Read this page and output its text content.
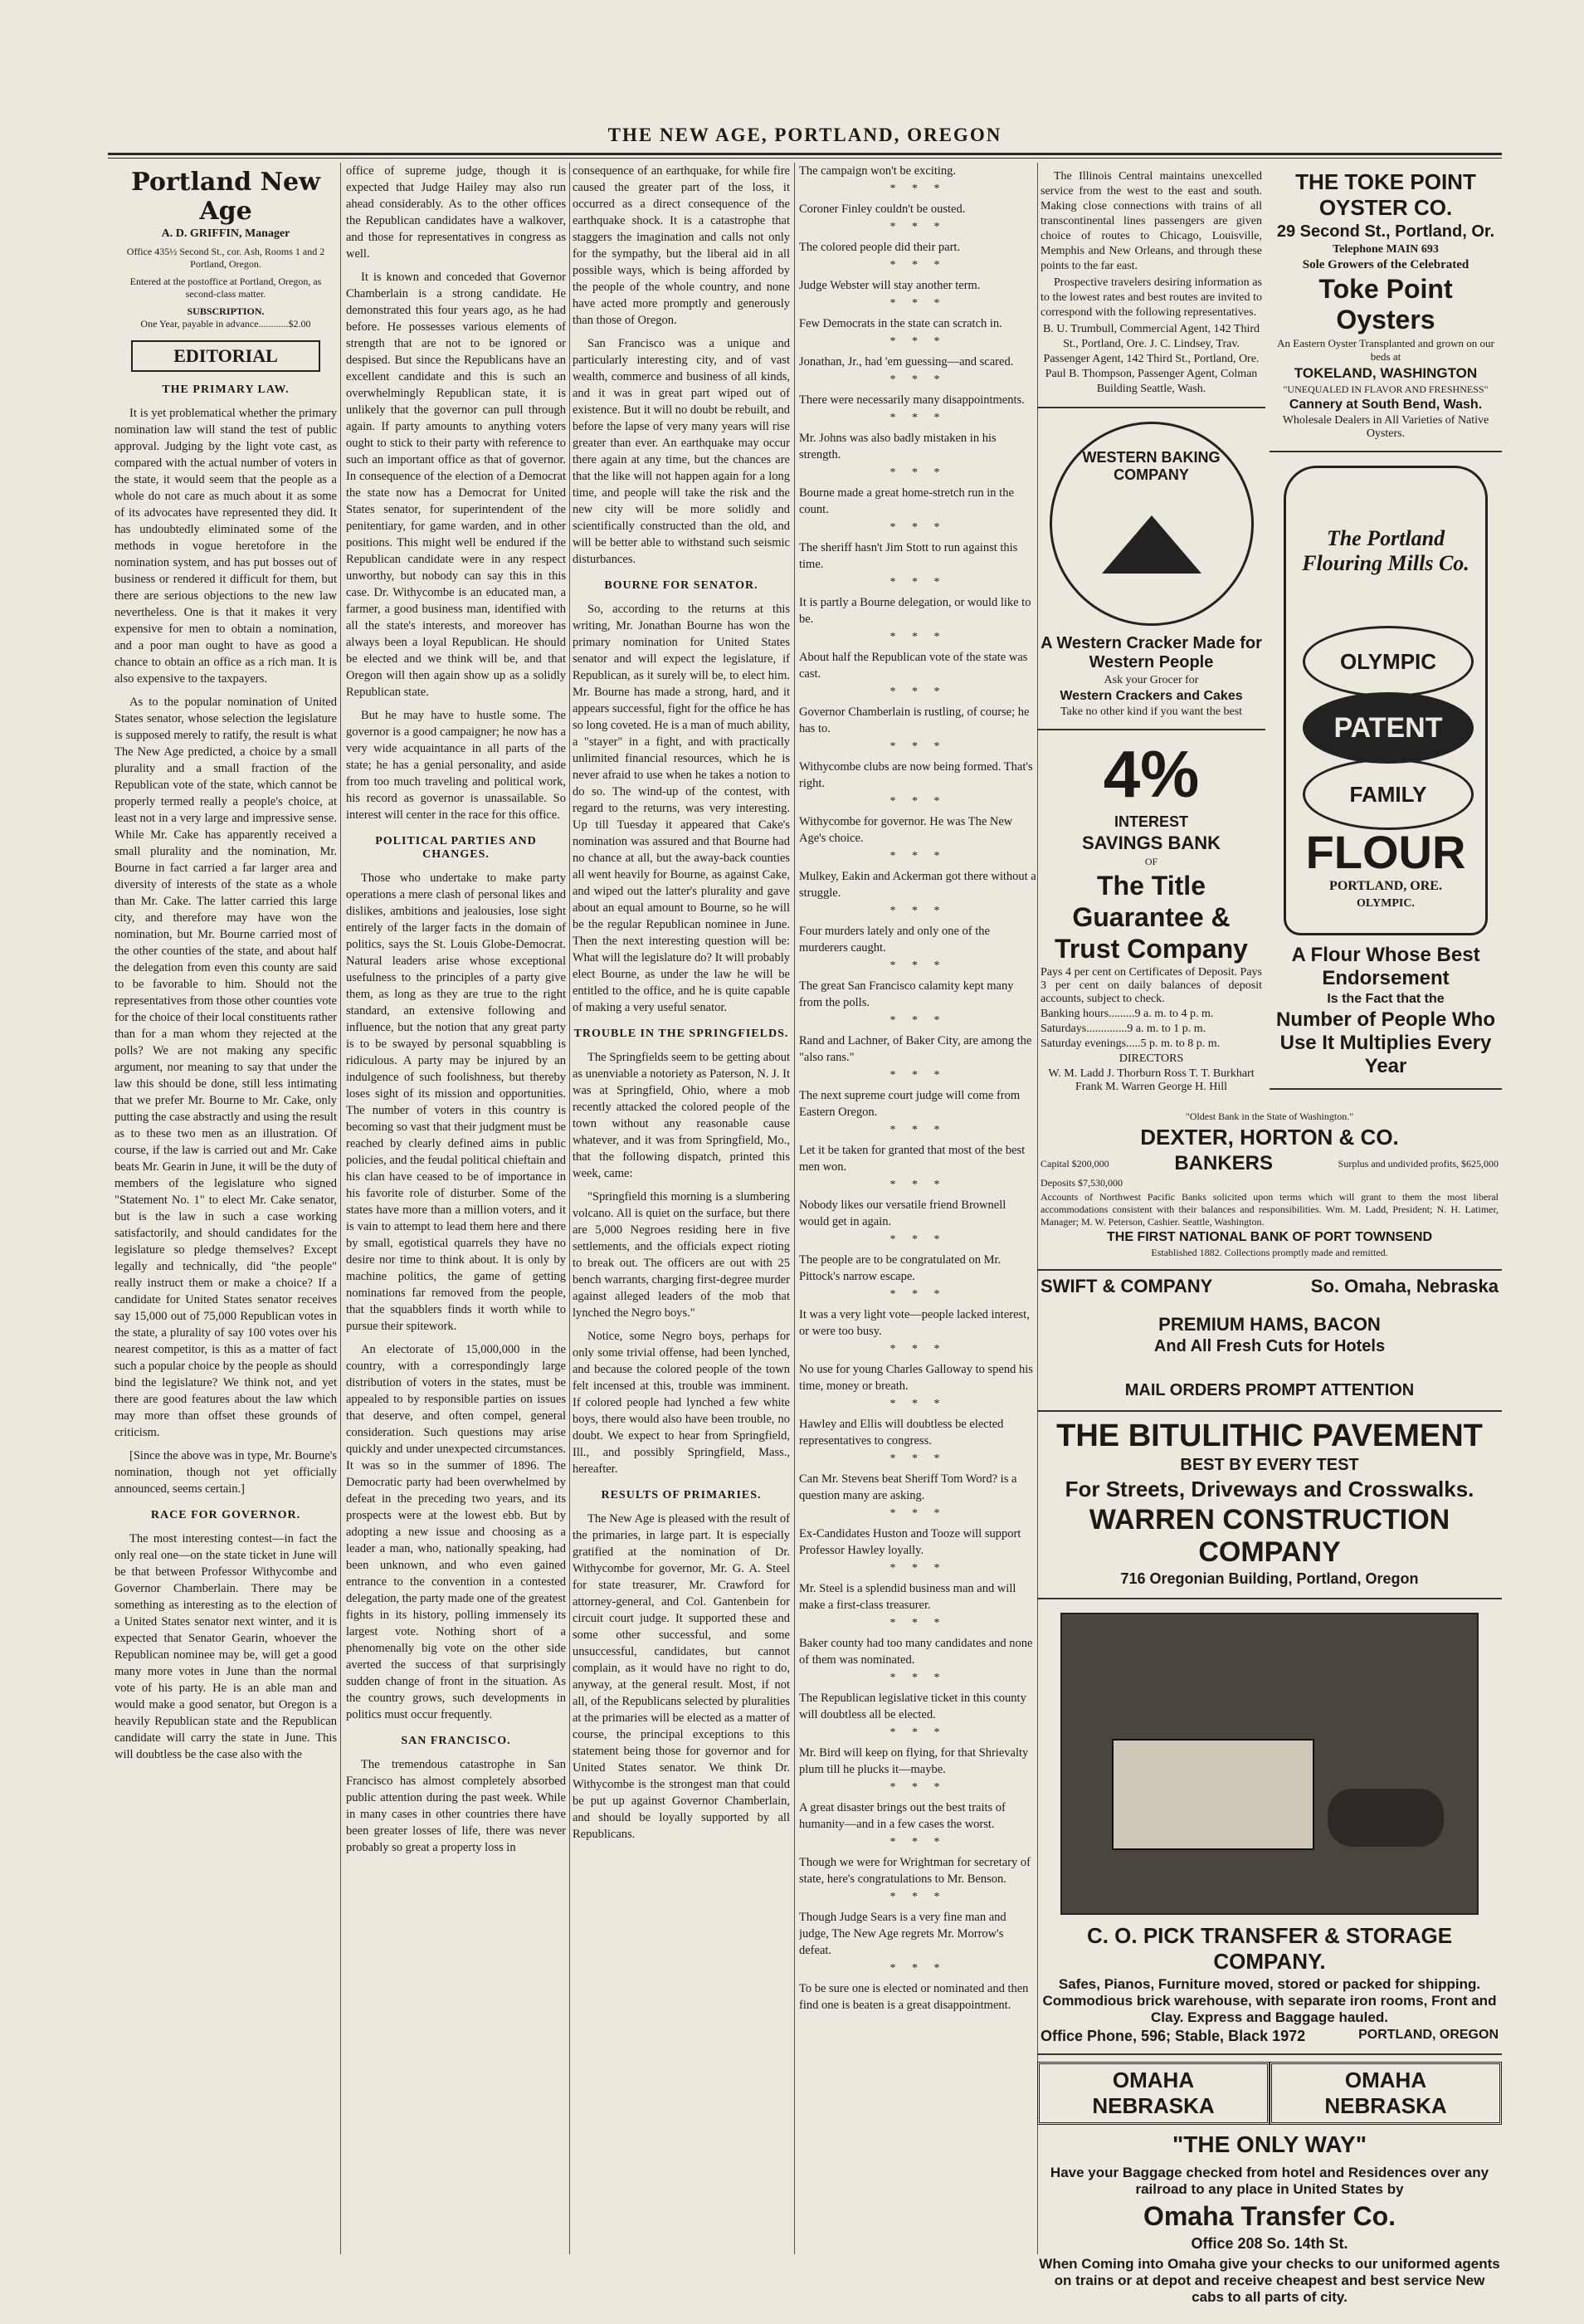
THE NEW AGE, PORTLAND, OREGON
Portland New Age

A. D. GRIFFIN, Manager

Office 435½ Second St., cor. Ash, Rooms 1 and 2 Portland, Oregon.

Entered at the postoffice at Portland, Oregon, as second-class matter.

SUBSCRIPTION.

One Year, payable in advance............$2.00

EDITORIAL
THE PRIMARY LAW.

It is yet problematical whether the primary nomination law will stand the test of public approval. Judging by the light vote cast, as compared with the actual number of voters in the state, it would seem that the people as a whole do not care as much about it as some of its advocates have represented they did. It has undoubtedly eliminated some of the methods in vogue heretofore in the nomination system, and has put bosses out of business or rendered it difficult for them, but there are serious objections to the new law nevertheless. One is that it makes it very expensive for men to obtain a nomination, and a poor man ought to have as good a chance to obtain an office as a rich man. It is also expensive to the taxpayers.

As to the popular nomination of United States senator, whose selection the legislature is supposed merely to ratify, the result is what The New Age predicted, a choice by a small plurality and a small fraction of the Republican vote of the state, which cannot be properly termed really a people's choice, at least not in a very large and impressive sense. While Mr. Cake has apparently received a small plurality and the nomination, Mr. Bourne in fact carried a far larger area and diversity of interests of the state as a whole than Mr. Cake. The latter carried this large city, and therefore may have won the nomination, but Mr. Bourne carried most of the other counties of the state, and about half the delegation from even this county are said to be favorable to him. Should not the representatives from those other counties vote for the choice of their local constituents rather than for a man whom they rejected at the polls? We are not making any specific argument, nor meaning to say that under the law this should be done, still less intimating that we prefer Mr. Bourne to Mr. Cake, only putting the case abstractly and using the result as to these two men as an illustration. Of course, if the law is carried out and Mr. Cake beats Mr. Gearin in June, it will be the duty of members of the legislature who signed "Statement No. 1" to elect Mr. Cake senator, but is the law in such a case working satisfactorily, and should candidates for the legislature so pledge themselves? Except legally and technically, did "the people" really instruct them or make a choice? If a candidate for United States senator receives say 15,000 out of 75,000 Republican votes in the state, a plurality of say 100 votes over his nearest competitor, is this as a matter of fact such a popular choice by the people as should bind the legislature? We think not, and yet there are good features about the law which may more than offset these grounds of criticism.

[Since the above was in type, Mr. Bourne's nomination, though not yet officially announced, seems certain.]

RACE FOR GOVERNOR.

The most interesting contest—in fact the only real one—on the state ticket in June will be that between Professor Withycombe and Governor Chamberlain. There may be something as interesting as to the election of a United States senator next winter, and it is expected that Senator Gearin, whoever the Republican nominee may be, will get a good many more votes in June than the normal vote of his party. He is an able man and would make a good senator, but Oregon is a heavily Republican state and the Republican candidate will carry the state in June. This will doubtless be the case also with the

office of supreme judge, though it is expected that Judge Hailey may also run ahead considerably. As to the other offices the Republican candidates have a walkover, and those for representatives in congress as well.

It is known and conceded that Governor Chamberlain is a strong candidate. He demonstrated this four years ago, as he had before. He possesses various elements of strength that are not to be ignored or despised. But since the Republicans have an excellent candidate and this is such an overwhelmingly Republican state, it is unlikely that the governor can pull through again. If party amounts to anything voters ought to stick to their party with reference to such an important office as that of governor. In consequence of the election of a Democrat the state now has a Democrat for United States senator, for superintendent of the penitentiary, for game warden, and in other positions. This might well be endured if the Republican candidate were in any respect unworthy, but nobody can say this in this case. Dr. Withycombe is an educated man, a farmer, a good business man, identified with all the state's interests, and moreover has always been a loyal Republican. He should be elected and we think will be, and that Oregon will then again show up as a solidly Republican state.

But he may have to hustle some. The governor is a good campaigner; he now has a very wide acquaintance in all parts of the state; he has a genial personality, and aside from too much traveling and political work, his record as governor is unassailable. So interest will center in the race for this office.

POLITICAL PARTIES AND CHANGES.

Those who undertake to make party operations a mere clash of personal likes and dislikes, ambitions and jealousies, lose sight entirely of the larger facts in the domain of politics, says the St. Louis Globe-Democrat. Natural leaders arise whose exceptional usefulness to the principles of a party give them, as long as they are true to the right standard, an extensive following and influence, but the notion that any great party is to be swayed by personal squabbling is ridiculous. A party may be injured by an indulgence of such foolishness, but thereby loses sight of its mission and opportunities. The number of voters in this country is becoming so vast that their judgment must be reached by clearly defined aims in public policies, and the feudal political chieftain and his clan have ceased to be of importance in his favorite role of disturber. Some of the states have more than a million voters, and it is vain to attempt to lead them here and there by small, egotistical quarrels they have no desire nor time to think about. It is only by machine politics, the game of getting nominations far removed from the people, that the squabblers finds it worth while to pursue their spitework.

An electorate of 15,000,000 in the country, with a correspondingly large distribution of voters in the states, must be appealed to by responsible parties on issues that deserve, and often compel, general consideration. Such questions may arise quickly and under unexpected circumstances. It was so in the summer of 1896. The Democratic party had been overwhelmed by defeat in the preceding two years, and its prospects were at the lowest ebb. But by adopting a new issue and choosing as a leader a man, who, nationally speaking, had been unknown, and who even gained entrance to the convention in a contested delegation, the party made one of the greatest fights in its history, polling immensely its largest vote. Nothing short of a phenomenally big vote on the other side averted the success of that surprisingly sudden change of front in the situation. As the country grows, such developments in politics must occur frequently.

SAN FRANCISCO.

The tremendous catastrophe in San Francisco has almost completely absorbed public attention during the past week. While in many cases in other countries there have been greater losses of life, there was never probably so great a property loss in

consequence of an earthquake, for while fire caused the greater part of the loss, it occurred as a direct consequence of the earthquake shock. It is a catastrophe that staggers the imagination and calls not only for the sympathy, but the liberal aid in all possible ways, which is being afforded by the people of the whole country, and none have acted more promptly and generously than those of Oregon.

San Francisco was a unique and particularly interesting city, and of vast wealth, commerce and business of all kinds, and it was in great part wiped out of existence. But it will no doubt be rebuilt, and before the lapse of very many years will rise greater than ever. An earthquake may occur there again at any time, but the chances are that the like will not happen again for a long time, and people will take the risk and the new city will be more solidly and scientifically constructed than the old, and will be better able to withstand such seismic disturbances.

BOURNE FOR SENATOR.

So, according to the returns at this writing, Mr. Jonathan Bourne has won the primary nomination for United States senator and will expect the legislature, if Republican, as it surely will be, to elect him. Mr. Bourne has made a strong, hard, and it appears successful, fight for the office he has so long coveted. He is a man of much ability, a "stayer" in a fight, and with practically unlimited financial resources, which he is never afraid to use when he takes a notion to do so. The wind-up of the contest, with regard to the returns, was very interesting. Up till Tuesday it appeared that Cake's nomination was assured and that Bourne had no chance at all, but the away-back counties all went heavily for Bourne, as against Cake, and wiped out the latter's plurality and gave about an equal amount to Bourne, so he will be the regular Republican nominee in June. Then the next interesting question will be: What will the legislature do? It will probably elect Bourne, as under the law he will be entitled to the office, and he is quite capable of making a very useful senator.

TROUBLE IN THE SPRINGFIELDS.

The Springfields seem to be getting about as unenviable a notoriety as Paterson, N. J. It was at Springfield, Ohio, where a mob recently attacked the colored people of the town without any reasonable cause whatever, and it was from Springfield, Mo., that the following dispatch, printed this week, came:

"Springfield this morning is a slumbering volcano. All is quiet on the surface, but there are 5,000 Negroes residing here in five settlements, and the officials expect rioting to break out. The officers are out with 25 bench warrants, charging first-degree murder against alleged leaders of the mob that lynched the Negro boys."

Notice, some Negro boys, perhaps for only some trivial offense, had been lynched, and because the colored people of the town felt incensed at this, trouble was imminent. If colored people had lynched a few white boys, there would also have been trouble, no doubt. We expect to hear from Springfield, Ill., and possibly Springfield, Mass., hereafter.

RESULTS OF PRIMARIES.

The New Age is pleased with the result of the primaries, in large part. It is especially gratified at the nomination of Dr. Withycombe for governor, Mr. G. A. Steel for state treasurer, Mr. Crawford for attorney-general, and Col. Gantenbein for circuit court judge. It supported these and some other successful, and some unsuccessful, candidates, but cannot complain, as it would have no right to do, anyway, at the general result. Most, if not all, of the Republicans selected by pluralities at the primaries will be elected as a matter of course, the principal exceptions to this statement being those for governor and for United States senator. We think Dr. Withycombe is the strongest man that could be put up against Governor Chamberlain, and should be loyally supported by all Republicans.

The campaign won't be exciting.

* * *

Coroner Finley couldn't be ousted.

* * *

The colored people did their part.

* * *

Judge Webster will stay another term.

* * *

Few Democrats in the state can scratch in.

* * *

Jonathan, Jr., had 'em guessing—and scared.

* * *

There were necessarily many disappointments.

* * *

Mr. Johns was also badly mistaken in his strength.

* * *

Bourne made a great home-stretch run in the count.

* * *

The sheriff hasn't Jim Stott to run against this time.

* * *

It is partly a Bourne delegation, or would like to be.

* * *

About half the Republican vote of the state was cast.

* * *

Governor Chamberlain is rustling, of course; he has to.

* * *

Withycombe clubs are now being formed. That's right.

* * *

Withycombe for governor. He was The New Age's choice.

* * *

Mulkey, Eakin and Ackerman got there without a struggle.

* * *

Four murders lately and only one of the murderers caught.

* * *

The great San Francisco calamity kept many from the polls.

* * *

Rand and Lachner, of Baker City, are among the "also rans."

* * *

The next supreme court judge will come from Eastern Oregon.

* * *

Let it be taken for granted that most of the best men won.

* * *

Nobody likes our versatile friend Brownell would get in again.

* * *

The people are to be congratulated on Mr. Pittock's narrow escape.

* * *

It was a very light vote—people lacked interest, or were too busy.

* * *

No use for young Charles Galloway to spend his time, money or breath.

* * *

Hawley and Ellis will doubtless be elected representatives to congress.

* * *

Can Mr. Stevens beat Sheriff Tom Word? is a question many are asking.

* * *

Ex-Candidates Huston and Tooze will support Professor Hawley loyally.

* * *

Mr. Steel is a splendid business man and will make a first-class treasurer.

* * *

Baker county had too many candidates and none of them was nominated.

* * *

The Republican legislative ticket in this county will doubtless all be elected.

* * *

Mr. Bird will keep on flying, for that Shrievalty plum till he plucks it—maybe.

* * *

A great disaster brings out the best traits of humanity—and in a few cases the worst.

* * *

Though we were for Wrightman for secretary of state, here's congratulations to Mr. Benson.

* * *

Though Judge Sears is a very fine man and judge, The New Age regrets Mr. Morrow's defeat.

* * *

To be sure one is elected or nominated and then find one is beaten is a great disappointment.

The Illinois Central maintains unexcelled service from the west to the east and south. Making close connections with trains of all transcontinental lines passengers are given choice of routes to Chicago, Louisville, Memphis and New Orleans, and through these points to the far east.

Prospective travelers desiring information as to the lowest rates and best routes are invited to correspond with the following representatives.

B. U. Trumbull, Commercial Agent, 142 Third St., Portland, Ore. J. C. Lindsey, Trav. Passenger Agent, 142 Third St., Portland, Ore. Paul B. Thompson, Passenger Agent, Colman Building Seattle, Wash.

WESTERN BAKING COMPANY

A Western Cracker Made for Western People

Ask your Grocer for

Western Crackers and Cakes

Take no other kind if you want the best

4%

INTEREST

SAVINGS BANK

OF

The Title Guarantee & Trust Company

Pays 4 per cent on Certificates of Deposit. Pays 3 per cent on daily balances of deposit accounts, subject to check.

Banking hours.........9 a. m. to 4 p. m.

Saturdays..............9 a. m. to 1 p. m.

Saturday evenings.....5 p. m. to 8 p. m.

DIRECTORS

W. M. Ladd J. Thorburn Ross T. T. Burkhart Frank M. Warren George H. Hill

THE TOKE POINT OYSTER CO.

29 Second St., Portland, Or.

Telephone MAIN 693

Sole Growers of the Celebrated

Toke Point Oysters

An Eastern Oyster Transplanted and grown on our beds at

TOKELAND, WASHINGTON

"UNEQUALED IN FLAVOR AND FRESHNESS"

Cannery at South Bend, Wash.

Wholesale Dealers in All Varieties of Native Oysters.

The Portland Flouring Mills Co.
OLYMPIC
PATENT
FAMILY
FLOUR
PORTLAND, ORE.
OLYMPIC.

A Flour Whose Best Endorsement

Is the Fact that the

Number of People Who Use It Multiplies Every Year

"Oldest Bank in the State of Washington."

DEXTER, HORTON & CO.

Capital $200,000	BANKERS	Surplus and undivided profits, $625,000

Deposits $7,530,000

Accounts of Northwest Pacific Banks solicited upon terms which will grant to them the most liberal accommodations consistent with their balances and responsibilities. Wm. M. Ladd, President; N. H. Latimer, Manager; M. W. Peterson, Cashier. Seattle, Washington.

THE FIRST NATIONAL BANK OF PORT TOWNSEND

Established 1882. Collections promptly made and remitted.

SWIFT & COMPANY	So. Omaha, Nebraska

PREMIUM HAMS, BACON

And All Fresh Cuts for Hotels

MAIL ORDERS PROMPT ATTENTION

THE BITULITHIC PAVEMENT

BEST BY EVERY TEST

For Streets, Driveways and Crosswalks.

WARREN CONSTRUCTION COMPANY

716 Oregonian Building, Portland, Oregon

C. O. PICK TRANSFER & STORAGE COMPANY.

Safes, Pianos, Furniture moved, stored or packed for shipping. Commodious brick warehouse, with separate iron rooms, Front and Clay. Express and Baggage hauled.

Office Phone, 596; Stable, Black 1972	PORTLAND, OREGON
OMAHA NEBRASKA
OMAHA NEBRASKA

"THE ONLY WAY"

Have your Baggage checked from hotel and Residences over any railroad to any place in United States by

Omaha Transfer Co.

Office 208 So. 14th St.

When Coming into Omaha give your checks to our uniformed agents on trains or at depot and receive cheapest and best service New cabs to all parts of city.
